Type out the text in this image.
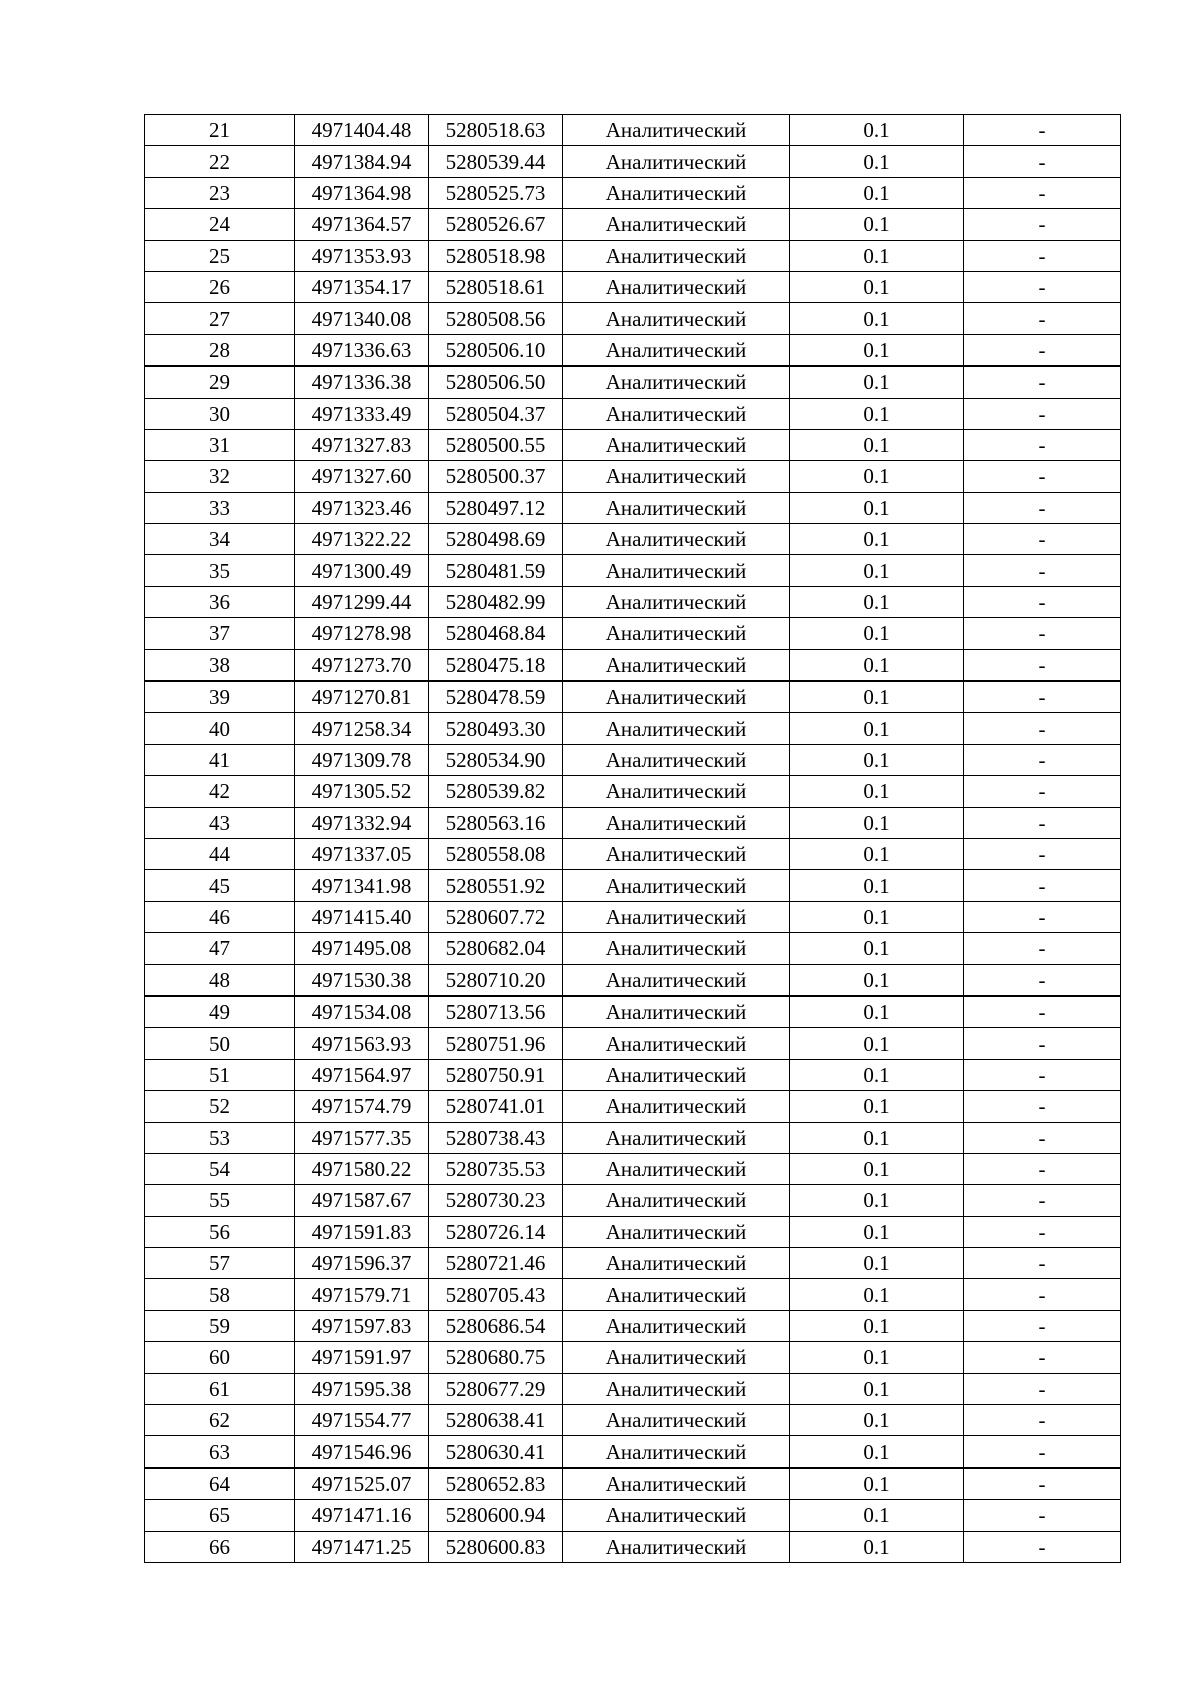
21	4971404.48	5280518.63	Аналитический	0.1	-
22	4971384.94	5280539.44	Аналитический	0.1	-
23	4971364.98	5280525.73	Аналитический	0.1	-
24	4971364.57	5280526.67	Аналитический	0.1	-
25	4971353.93	5280518.98	Аналитический	0.1	-
26	4971354.17	5280518.61	Аналитический	0.1	-
27	4971340.08	5280508.56	Аналитический	0.1	-
28	4971336.63	5280506.10	Аналитический	0.1	-
29	4971336.38	5280506.50	Аналитический	0.1	-
30	4971333.49	5280504.37	Аналитический	0.1	-
31	4971327.83	5280500.55	Аналитический	0.1	-
32	4971327.60	5280500.37	Аналитический	0.1	-
33	4971323.46	5280497.12	Аналитический	0.1	-
34	4971322.22	5280498.69	Аналитический	0.1	-
35	4971300.49	5280481.59	Аналитический	0.1	-
36	4971299.44	5280482.99	Аналитический	0.1	-
37	4971278.98	5280468.84	Аналитический	0.1	-
38	4971273.70	5280475.18	Аналитический	0.1	-
39	4971270.81	5280478.59	Аналитический	0.1	-
40	4971258.34	5280493.30	Аналитический	0.1	-
41	4971309.78	5280534.90	Аналитический	0.1	-
42	4971305.52	5280539.82	Аналитический	0.1	-
43	4971332.94	5280563.16	Аналитический	0.1	-
44	4971337.05	5280558.08	Аналитический	0.1	-
45	4971341.98	5280551.92	Аналитический	0.1	-
46	4971415.40	5280607.72	Аналитический	0.1	-
47	4971495.08	5280682.04	Аналитический	0.1	-
48	4971530.38	5280710.20	Аналитический	0.1	-
49	4971534.08	5280713.56	Аналитический	0.1	-
50	4971563.93	5280751.96	Аналитический	0.1	-
51	4971564.97	5280750.91	Аналитический	0.1	-
52	4971574.79	5280741.01	Аналитический	0.1	-
53	4971577.35	5280738.43	Аналитический	0.1	-
54	4971580.22	5280735.53	Аналитический	0.1	-
55	4971587.67	5280730.23	Аналитический	0.1	-
56	4971591.83	5280726.14	Аналитический	0.1	-
57	4971596.37	5280721.46	Аналитический	0.1	-
58	4971579.71	5280705.43	Аналитический	0.1	-
59	4971597.83	5280686.54	Аналитический	0.1	-
60	4971591.97	5280680.75	Аналитический	0.1	-
61	4971595.38	5280677.29	Аналитический	0.1	-
62	4971554.77	5280638.41	Аналитический	0.1	-
63	4971546.96	5280630.41	Аналитический	0.1	-
64	4971525.07	5280652.83	Аналитический	0.1	-
65	4971471.16	5280600.94	Аналитический	0.1	-
66	4971471.25	5280600.83	Аналитический	0.1	-
